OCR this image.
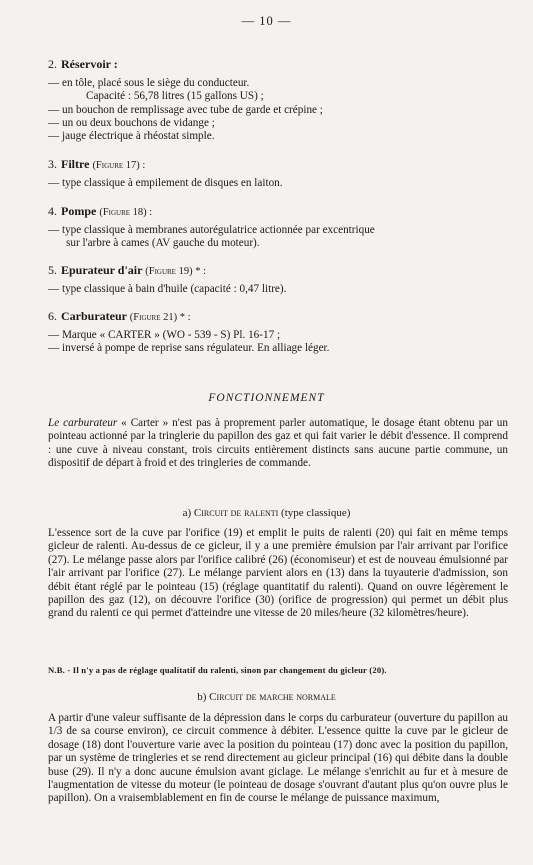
— 10 —
2. Réservoir :
— en tôle, placé sous le siège du conducteur.
Capacité : 56,78 litres (15 gallons US) ;
— un bouchon de remplissage avec tube de garde et crépine ;
— un ou deux bouchons de vidange ;
— jauge électrique à rhéostat simple.
3. Filtre (Figure 17) :
— type classique à empilement de disques en laiton.
4. Pompe (Figure 18) :
— type classique à membranes autorégulatrice actionnée par excentrique
sur l'arbre à cames (AV gauche du moteur).
5. Epurateur d'air (Figure 19) * :
— type classique à bain d'huile (capacité : 0,47 litre).
6. Carburateur (Figure 21) * :
— Marque « CARTER » (WO - 539 - S) Pl. 16-17 ;
— inversé à pompe de reprise sans régulateur. En alliage léger.
FONCTIONNEMENT
Le carburateur « Carter » n'est pas à proprement parler automatique, le dosage étant obtenu par un pointeau actionné par la tringlerie du papillon des gaz et qui fait varier le débit d'essence. Il comprend : une cuve à niveau constant, trois circuits entièrement distincts sans aucune partie commune, un dispositif de départ à froid et des tringleries de commande.
a) Circuit de ralenti (type classique)
L'essence sort de la cuve par l'orifice (19) et emplit le puits de ralenti (20) qui fait en même temps gicleur de ralenti. Au-dessus de ce gicleur, il y a une première émulsion par l'air arrivant par l'orifice (27). Le mélange passe alors par l'orifice calibré (26) (économiseur) et est de nouveau émulsionné par l'air arrivant par l'orifice (27). Le mélange parvient alors en (13) dans la tuyauterie d'admission, son débit étant réglé par le pointeau (15) (réglage quantitatif du ralenti). Quand on ouvre légèrement le papillon des gaz (12), on découvre l'orifice (30) (orifice de progression) qui permet un débit plus grand du ralenti ce qui permet d'atteindre une vitesse de 20 miles/heure (32 kilomètres/heure).
N.B. - Il n'y a pas de réglage qualitatif du ralenti, sinon par changement du gicleur (20).
b) Circuit de marche normale
A partir d'une valeur suffisante de la dépression dans le corps du carburateur (ouverture du papillon au 1/3 de sa course environ), ce circuit commence à débiter. L'essence quitte la cuve par le gicleur de dosage (18) dont l'ouverture varie avec la position du pointeau (17) donc avec la position du papillon, par un système de tringleries et se rend directement au gicleur principal (16) qui débite dans la double buse (29). Il n'y a donc aucune émulsion avant giclage. Le mélange s'enrichit au fur et à mesure de l'augmentation de vitesse du moteur (le pointeau de dosage s'ouvrant d'autant plus qu'on ouvre plus le papillon). On a vraisemblablement en fin de course le mélange de puissance maximum,
